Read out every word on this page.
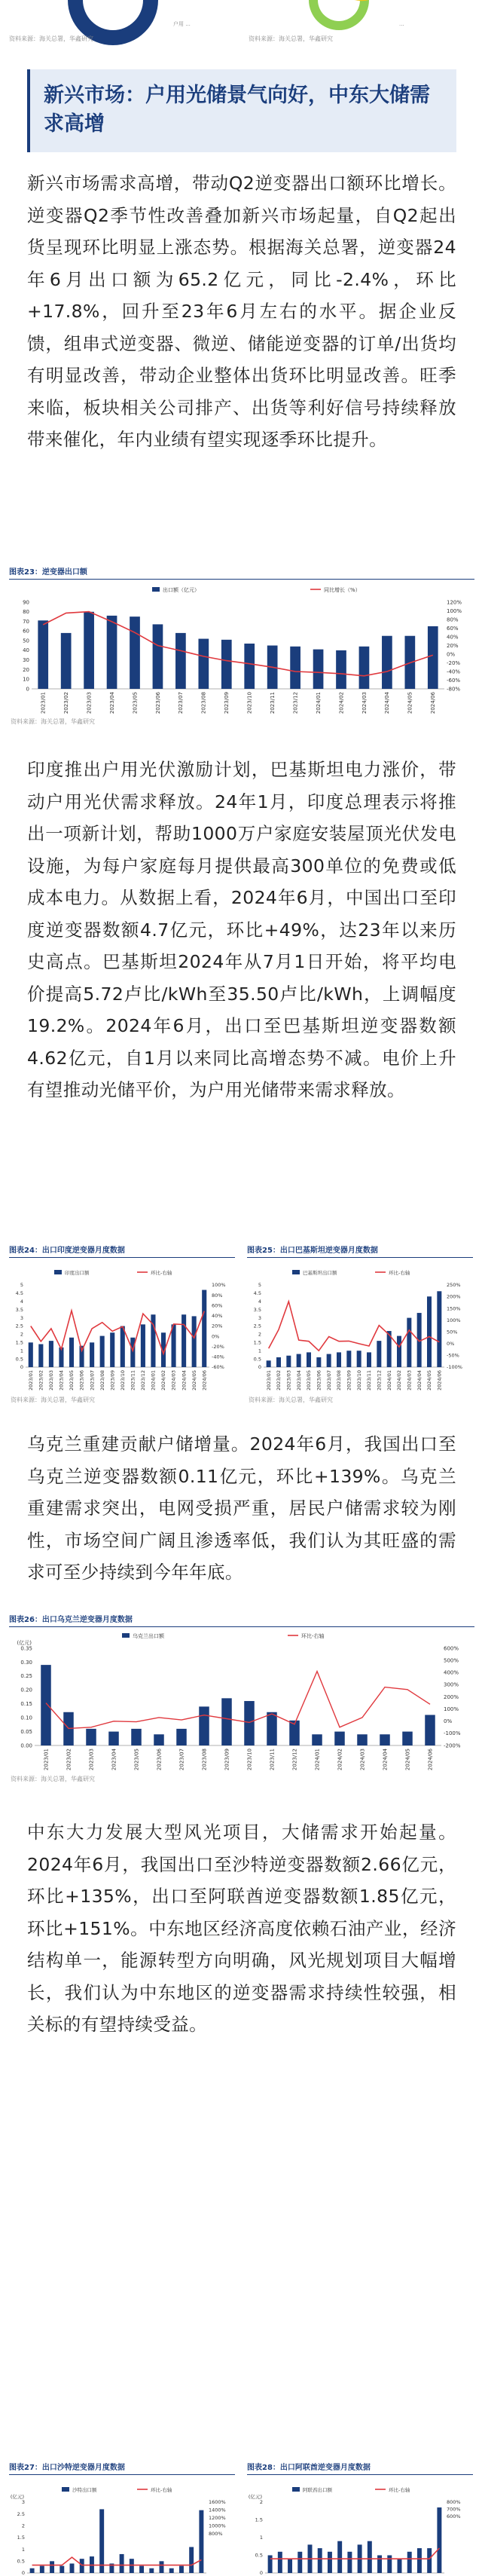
户用 ...	...
资料来源：海关总署，华鑫研究	资料来源：海关总署，华鑫研究
新兴市场：户用光储景气向好，中东大储需求高增
新兴市场需求高增，带动Q2逆变器出口额环比增长。逆变器Q2季节性改善叠加新兴市场起量，自Q2起出货呈现环比明显上涨态势。根据海关总署，逆变器24年6月出口额为65.2亿元，同比-2.4%，环比+17.8%，回升至23年6月左右的水平。据企业反馈，组串式逆变器、微逆、储能逆变器的订单/出货均有明显改善，带动企业整体出货环比明显改善。旺季来临，板块相关公司排产、出货等利好信号持续释放带来催化，年内业绩有望实现逐季环比提升。
图表23：逆变器出口额
0
10
20
30
40
50
60
70
80
90
-80%
-60%
-40%
-20%
0%
20%
40%
60%
80%
100%
120%
2023/01	2023/02	2023/03	2023/04	2023/05	2023/06	2023/07	2023/08	2023/09	2023/10	2023/11	2023/12	2024/01	2024/02	2024/03	2024/04	2024/05	2024/06
出口额（亿元）	同比增长（%）
资料来源：海关总署，华鑫研究
印度推出户用光伏激励计划，巴基斯坦电力涨价，带动户用光伏需求释放。24年1月，印度总理表示将推出一项新计划，帮助1000万户家庭安装屋顶光伏发电设施，为每户家庭每月提供最高300单位的免费或低成本电力。从数据上看，2024年6月，中国出口至印度逆变器数额4.7亿元，环比+49%，达23年以来历史高点。巴基斯坦2024年从7月1日开始，将平均电价提高5.72卢比/kWh至35.50卢比/kWh，上调幅度19.2%。2024年6月，出口至巴基斯坦逆变器数额4.62亿元，自1月以来同比高增态势不减。电价上升有望推动光储平价，为户用光储带来需求释放。
图表24：出口印度逆变器月度数据
0
0.5
1
1.5
2
2.5
3
3.5
4
4.5
5
-60%
-40%
-20%
0%
20%
40%
60%
80%
100%
2023/01 2023/02 2023/03 2023/04 2023/05 2023/06 2023/07 2023/08 2023/09 2023/10 2023/11 2023/12 2024/01 2024/02 2024/03 2024/04 2024/05 2024/06
印度出口额	环比-右轴
资料来源：海关总署，华鑫研究
图表25：出口巴基斯坦逆变器月度数据
0
0.5
1
1.5
2
2.5
3
3.5
4
4.5
5
-100%
-50%
0%
50%
100%
150%
200%
250%
2023/01 2023/02 2023/03 2023/04 2023/05 2023/06 2023/07 2023/08 2023/09 2023/10 2023/11 2023/12 2024/01 2024/02 2024/03 2024/04 2024/05 2024/06
巴基斯坦出口额	环比-右轴
资料来源：海关总署，华鑫研究
乌克兰重建贡献户储增量。2024年6月，我国出口至乌克兰逆变器数额0.11亿元，环比+139%。乌克兰重建需求突出，电网受损严重，居民户储需求较为刚性，市场空间广阔且渗透率低，我们认为其旺盛的需求可至少持续到今年年底。
图表26：出口乌克兰逆变器月度数据
(亿元)
0.00
0.05
0.10
0.15
0.20
0.25
0.30
0.35
-200%
-100%
0%
100%
200%
300%
400%
500%
600%
2023/01	2023/02	2023/03	2023/04	2023/05	2023/06	2023/07	2023/08	2023/09	2023/10	2023/11	2023/12	2024/01	2024/02	2024/03	2024/04	2024/05	2024/06
乌克兰出口额	环比-右轴
资料来源：海关总署，华鑫研究
中东大力发展大型风光项目，大储需求开始起量。2024年6月，我国出口至沙特逆变器数额2.66亿元，环比+135%，出口至阿联酋逆变器数额1.85亿元，环比+151%。中东地区经济高度依赖石油产业，经济结构单一，能源转型方向明确，风光规划项目大幅增长，我们认为中东地区的逆变器需求持续性较强，相关标的有望持续受益。
图表27：出口沙特逆变器月度数据
(亿元)
0
0.5
1
1.5
2
2.5
3	1600%
1400%
1200%
1000%
800%
沙特出口额	环比-右轴
图表28：出口阿联酋逆变器月度数据
(亿元)
0
0.5
1
1.5
2	800%
700%
600%
阿联酋出口额	环比-右轴
